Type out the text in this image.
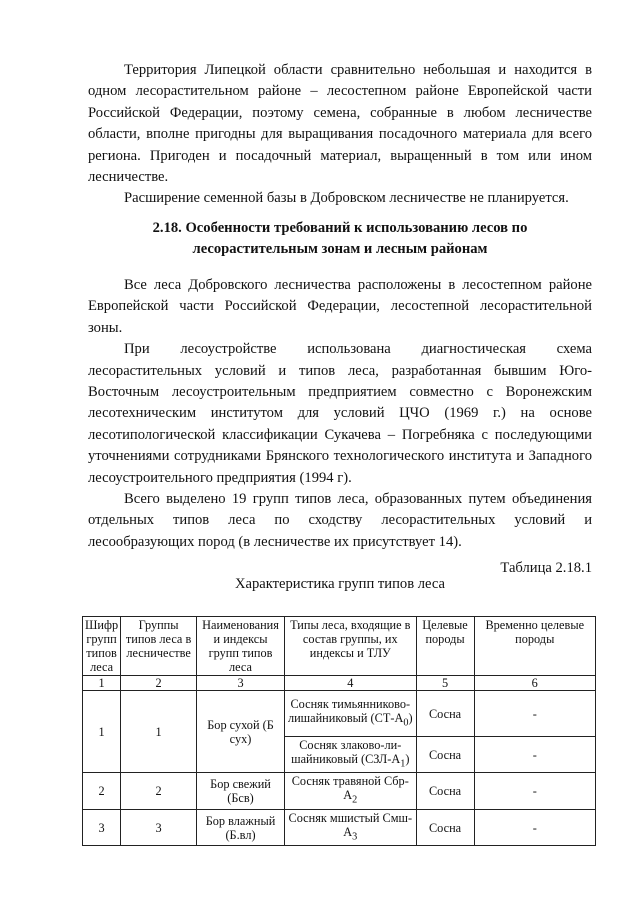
Территория Липецкой области сравнительно небольшая и находится в одном лесорастительном районе – лесостепном районе Европейской части Российской Федерации, поэтому семена, собранные в любом лесничестве области, вполне пригодны для выращивания посадочного материала для всего региона. Пригоден и посадочный материал, выращенный в том или ином лесничестве.

Расширение семенной базы в Добровском лесничестве не планируется.

2.18. Особенности требований к использованию лесов по
лесорастительным зонам и лесным районам

Все леса Добровского лесничества расположены в лесостепном районе Европейской части Российской Федерации, лесостепной лесорастительной зоны.

При лесоустройстве использована диагностическая схема лесорастительных условий и типов леса, разработанная бывшим Юго-Восточным лесоустроительным предприятием совместно с Воронежским лесотехническим институтом для условий ЦЧО (1969 г.) на основе лесотипологической классификации Сукачева – Погребняка с последующими уточнениями сотрудниками Брянского технологического института и Западного лесоустроительного предприятия (1994 г).

Всего выделено 19 групп типов леса, образованных путем объединения отдельных типов леса по сходству лесорастительных условий и лесообразующих пород (в лесничестве их присутствует 14).

Таблица 2.18.1

Характеристика групп типов леса

Шифр групп типов леса	Группы типов леса в лесничестве	Наименования и индексы групп типов леса	Типы леса, входящие в состав группы, их индексы и ТЛУ	Целевые породы	Временно целевые породы
1	2	3	4	5	6
1	1	Бор сухой (Б сух)	Сосняк тимьянниково-лишайниковый $(СТ-А_0)$	Сосна	-
			Сосняк злаково-ли-шайниковый $(СЗЛ-А_1)$	Сосна	-
2	2	Бор свежий (Бсв)	Сосняк травяной Сбр-$А_2$	Сосна	-
3	3	Бор влажный (Б.вл)	Сосняк мшистый Смш-$А_3$	Сосна	-
